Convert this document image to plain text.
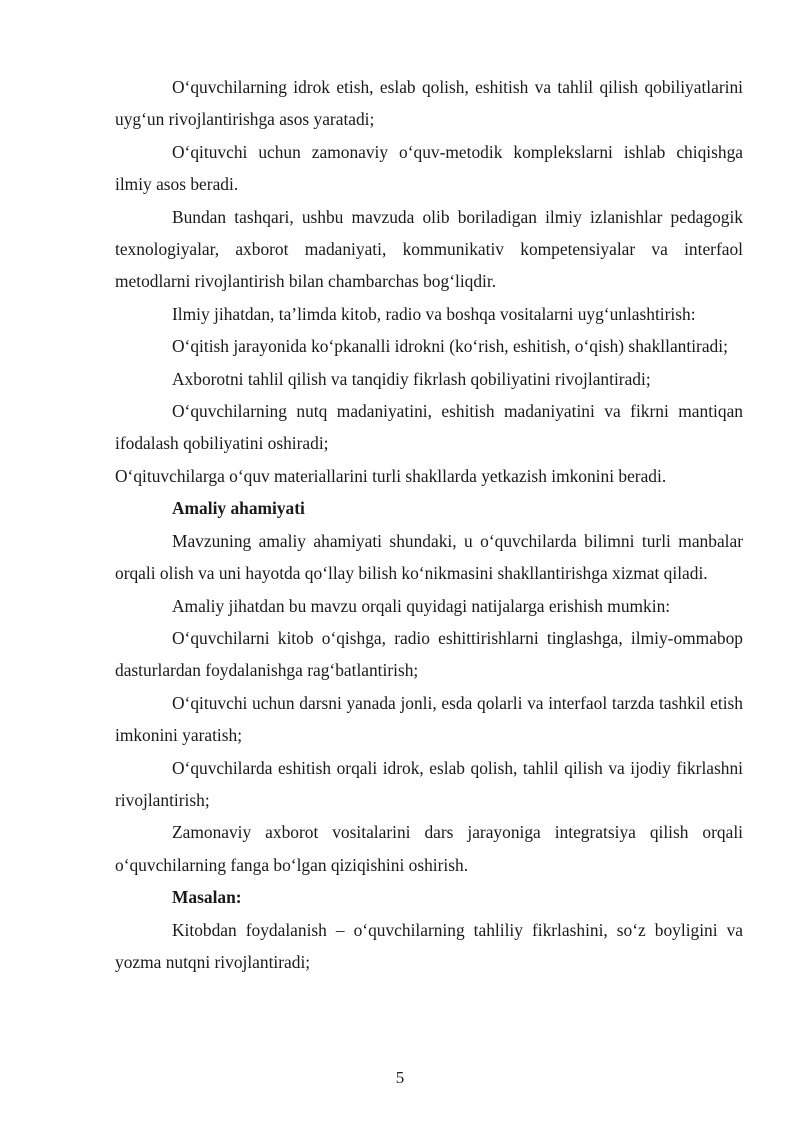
O‘quvchilarning idrok etish, eslab qolish, eshitish va tahlil qilish qobiliyatlarini uyg‘un rivojlantirishga asos yaratadi;

O‘qituvchi uchun zamonaviy o‘quv-metodik komplekslarni ishlab chiqishga ilmiy asos beradi.

Bundan tashqari, ushbu mavzuda olib boriladigan ilmiy izlanishlar pedagogik texnologiyalar, axborot madaniyati, kommunikativ kompetensiyalar va interfaol metodlarni rivojlantirish bilan chambarchas bog‘liqdir.

Ilmiy jihatdan, ta’limda kitob, radio va boshqa vositalarni uyg‘unlashtirish:

O‘qitish jarayonida ko‘pkanalli idrokni (ko‘rish, eshitish, o‘qish) shakllantiradi;

Axborotni tahlil qilish va tanqidiy fikrlash qobiliyatini rivojlantiradi;

O‘quvchilarning nutq madaniyatini, eshitish madaniyatini va fikrni mantiqan ifodalash qobiliyatini oshiradi;

O‘qituvchilarga o‘quv materiallarini turli shakllarda yetkazish imkonini beradi.

Amaliy ahamiyati

Mavzuning amaliy ahamiyati shundaki, u o‘quvchilarda bilimni turli manbalar orqali olish va uni hayotda qo‘llay bilish ko‘nikmasini shakllantirishga xizmat qiladi.

Amaliy jihatdan bu mavzu orqali quyidagi natijalarga erishish mumkin:

O‘quvchilarni kitob o‘qishga, radio eshittirishlarni tinglashga, ilmiy-ommabop dasturlardan foydalanishga rag‘batlantirish;

O‘qituvchi uchun darsni yanada jonli, esda qolarli va interfaol tarzda tashkil etish imkonini yaratish;

O‘quvchilarda eshitish orqali idrok, eslab qolish, tahlil qilish va ijodiy fikrlashni rivojlantirish;

Zamonaviy axborot vositalarini dars jarayoniga integratsiya qilish orqali o‘quvchilarning fanga bo‘lgan qiziqishini oshirish.

Masalan:

Kitobdan foydalanish – o‘quvchilarning tahliliy fikrlashini, so‘z boyligini va yozma nutqni rivojlantiradi;

5
